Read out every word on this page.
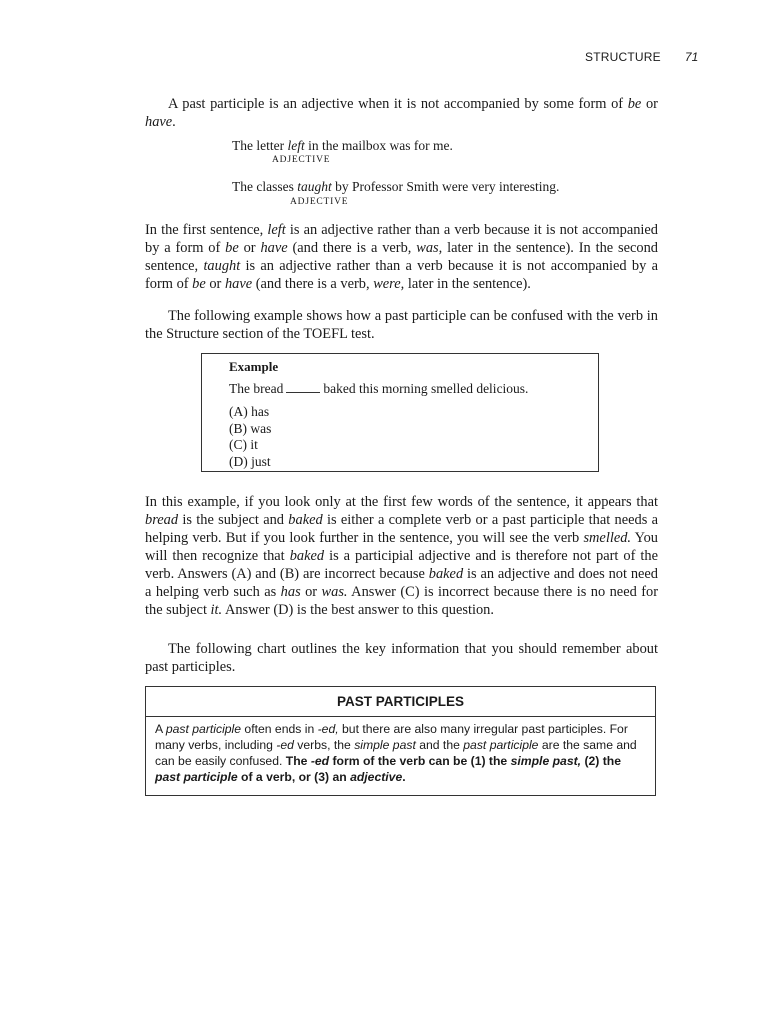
STRUCTURE 71

A past participle is an adjective when it is not accompanied by some form of be or have.

The letter left in the mailbox was for me.
ADJECTIVE
The classes taught by Professor Smith were very interesting.
ADJECTIVE

In the first sentence, left is an adjective rather than a verb because it is not accompanied by a form of be or have (and there is a verb, was, later in the sentence). In the second sentence, taught is an adjective rather than a verb because it is not accompanied by a form of be or have (and there is a verb, were, later in the sentence).

The following example shows how a past participle can be confused with the verb in the Structure section of the TOEFL test.

Example
The bread	baked this morning smelled delicious.
(A) has
(B) was
(C) it
(D) just

In this example, if you look only at the first few words of the sentence, it appears that bread is the subject and baked is either a complete verb or a past participle that needs a helping verb. But if you look further in the sentence, you will see the verb smelled. You will then recognize that baked is a participial adjective and is therefore not part of the verb. Answers (A) and (B) are incorrect because baked is an adjective and does not need a helping verb such as has or was. Answer (C) is incorrect because there is no need for the subject it. Answer (D) is the best answer to this question.

The following chart outlines the key information that you should remember about past participles.

PAST PARTICIPLES
A past participle often ends in -ed, but there are also many irregular past participles. For many verbs, including -ed verbs, the simple past and the past participle are the same and can be easily confused. The -ed form of the verb can be (1) the simple past, (2) the past participle of a verb, or (3) an adjective.
